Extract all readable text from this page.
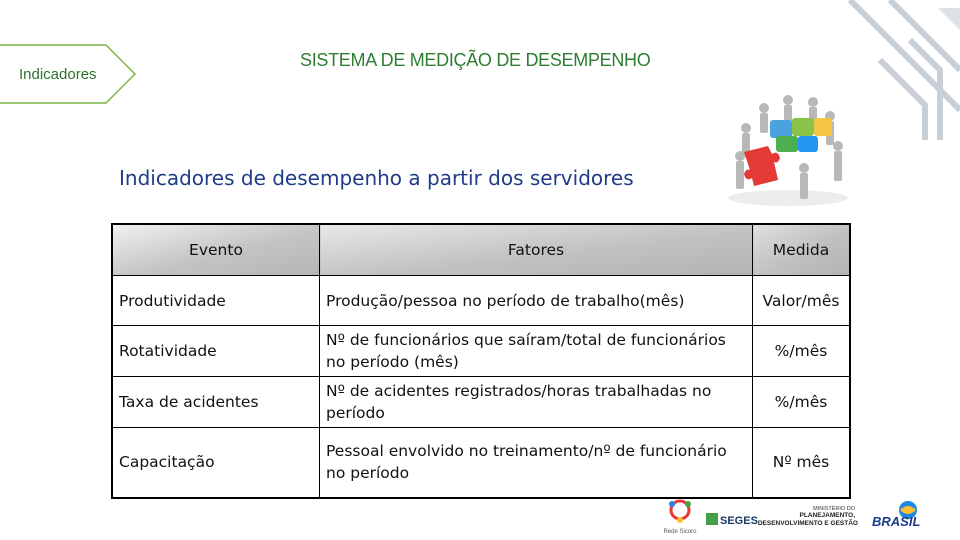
Indicadores
SISTEMA DE MEDIÇÃO DE DESEMPENHO
Indicadores de desempenho a partir dos servidores
Evento	Fatores	Medida
Produtividade	Produção/pessoa no período de trabalho(mês)	Valor/mês
Rotatividade	Nº de funcionários que saíram/total de funcionários no período (mês)	%/mês
Taxa de acidentes	Nº de acidentes registrados/horas trabalhadas no período	%/mês
Capacitação	Pessoal envolvido no treinamento/nº de funcionário no período	Nº mês
Rede Sicoro
SEGES
MINISTÉRIO DO
PLANEJAMENTO,
DESENVOLVIMENTO E GESTÃO BRASIL
